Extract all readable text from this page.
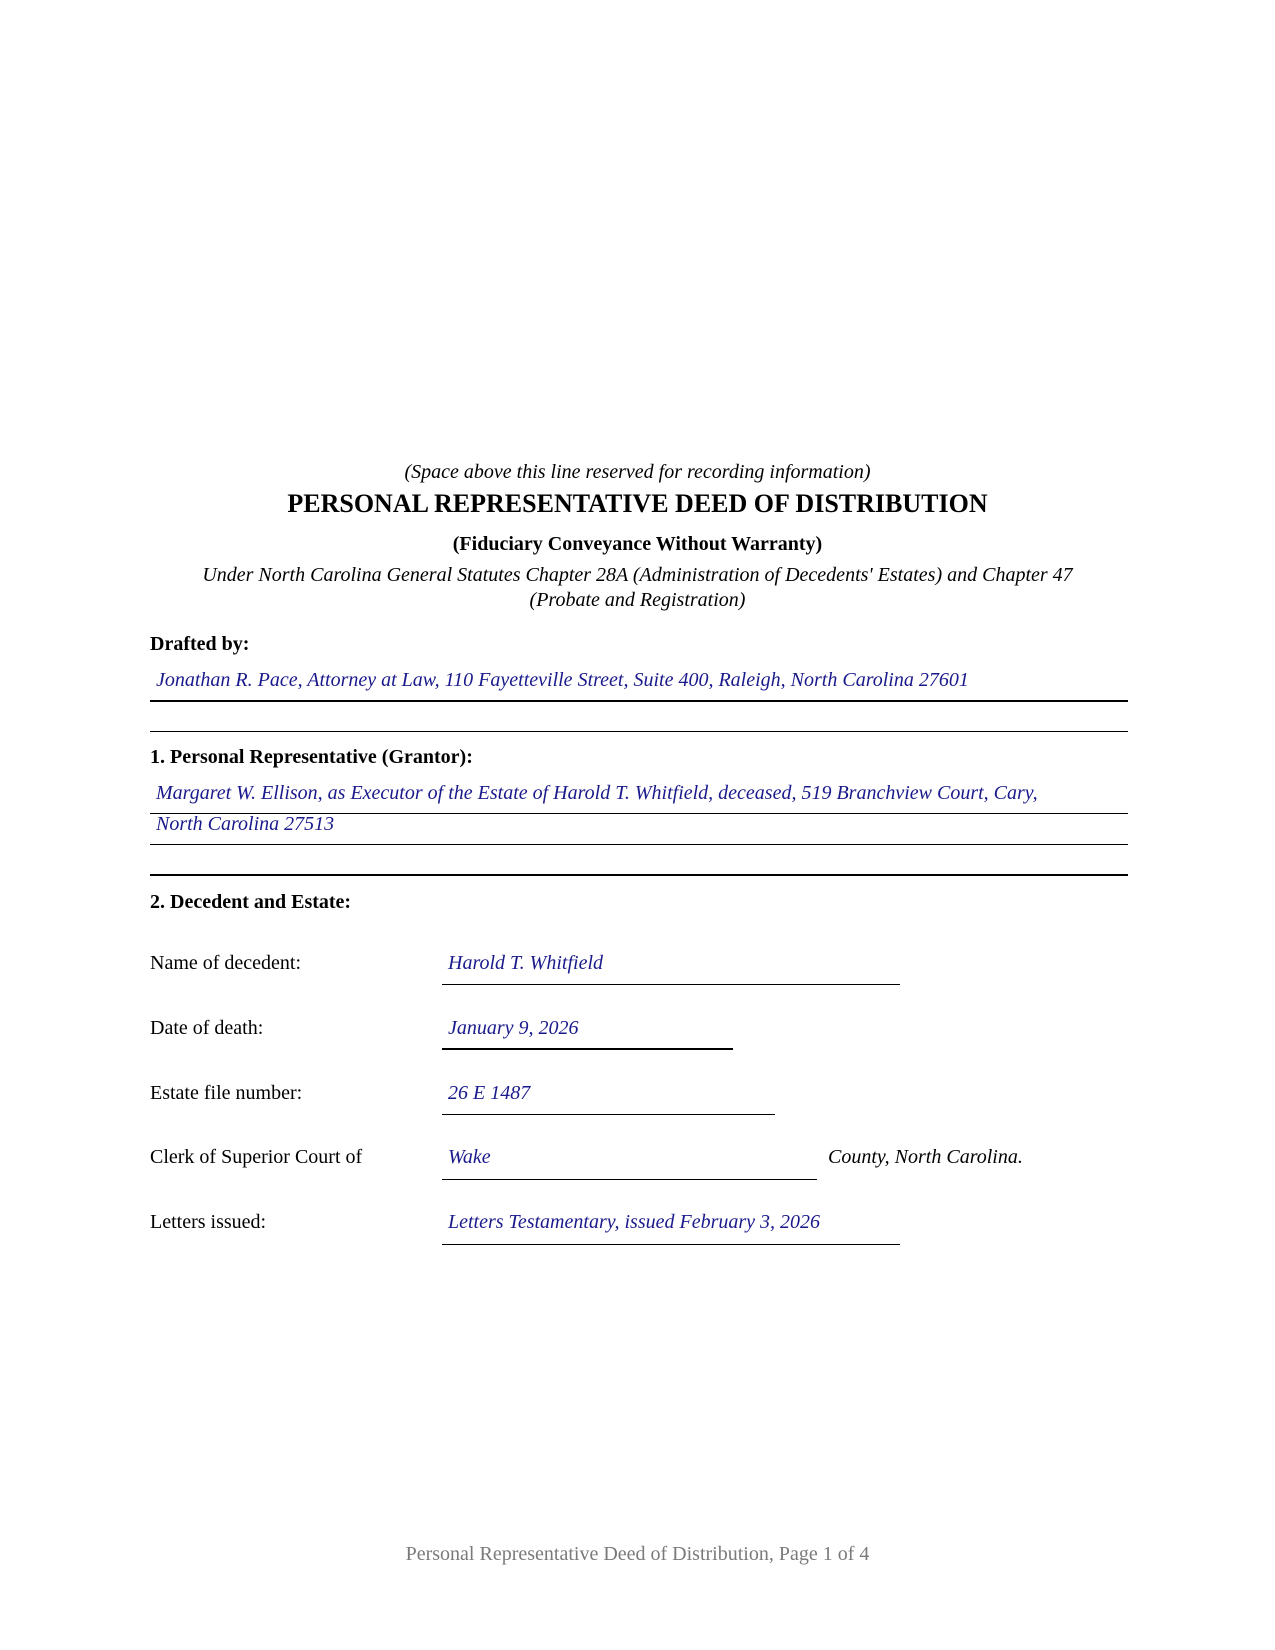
(Space above this line reserved for recording information)
PERSONAL REPRESENTATIVE DEED OF DISTRIBUTION
(Fiduciary Conveyance Without Warranty)
Under North Carolina General Statutes Chapter 28A (Administration of Decedents' Estates) and Chapter 47 (Probate and Registration)
Drafted by:
Jonathan R. Pace, Attorney at Law, 110 Fayetteville Street, Suite 400, Raleigh, North Carolina 27601
1. Personal Representative (Grantor):
Margaret W. Ellison, as Executor of the Estate of Harold T. Whitfield, deceased, 519 Branchview Court, Cary,
North Carolina 27513
2. Decedent and Estate:
Name of decedent:	Harold T. Whitfield
Date of death:	January 9, 2026
Estate file number:	26 E 1487
Clerk of Superior Court of	Wake	County, North Carolina.
Letters issued:	Letters Testamentary, issued February 3, 2026
Personal Representative Deed of Distribution, Page 1 of 4
